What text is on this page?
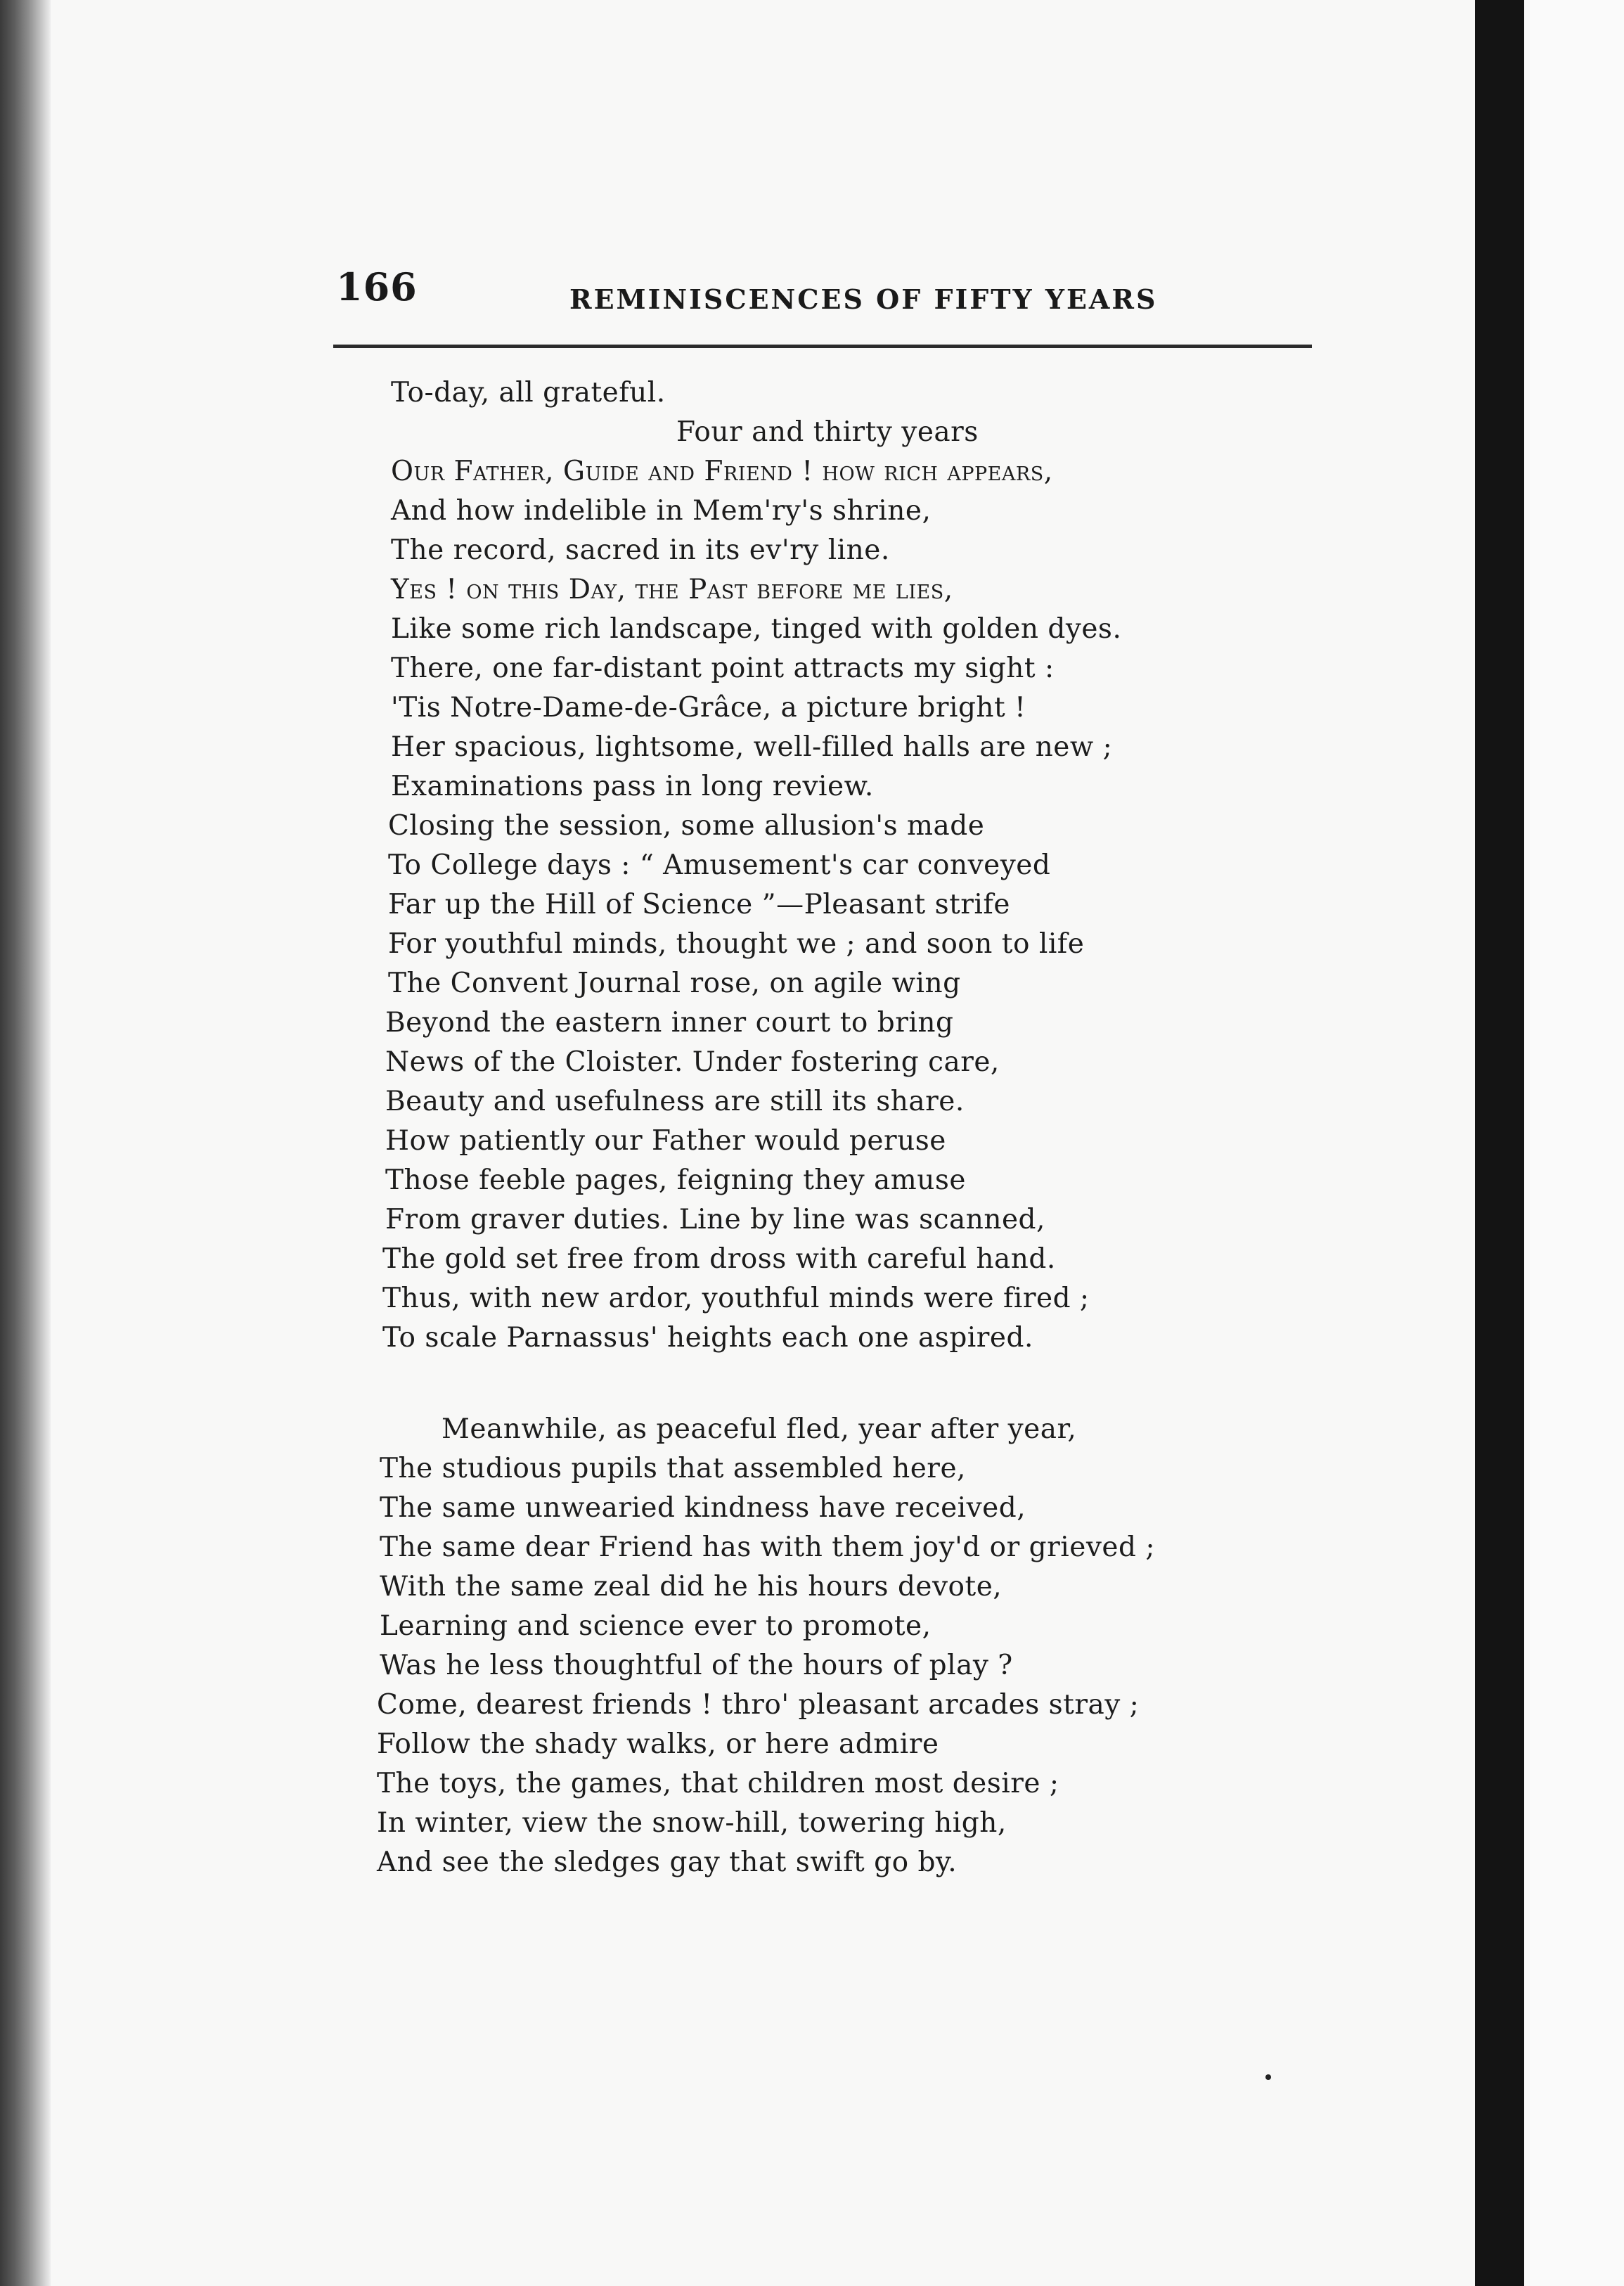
166	REMINISCENCES OF FIFTY YEARS
To-day, all grateful.
Four and thirty years
Our Father, Guide and Friend ! how rich appears,
And how indelible in Mem'ry's shrine,
The record, sacred in its ev'ry line.
Yes ! on this Day, the Past before me lies,
Like some rich landscape, tinged with golden dyes.
There, one far-distant point attracts my sight :
'Tis Notre-Dame-de-Grâce, a picture bright !
Her spacious, lightsome, well-filled halls are new ;
Examinations pass in long review.
Closing the session, some allusion's made
To College days : “ Amusement's car conveyed
Far up the Hill of Science ”—Pleasant strife
For youthful minds, thought we ; and soon to life
The Convent Journal rose, on agile wing
Beyond the eastern inner court to bring
News of the Cloister. Under fostering care,
Beauty and usefulness are still its share.
How patiently our Father would peruse
Those feeble pages, feigning they amuse
From graver duties. Line by line was scanned,
The gold set free from dross with careful hand.
Thus, with new ardor, youthful minds were fired ;
To scale Parnassus' heights each one aspired.
Meanwhile, as peaceful fled, year after year,
The studious pupils that assembled here,
The same unwearied kindness have received,
The same dear Friend has with them joy'd or grieved ;
With the same zeal did he his hours devote,
Learning and science ever to promote,
Was he less thoughtful of the hours of play ?
Come, dearest friends ! thro' pleasant arcades stray ;
Follow the shady walks, or here admire
The toys, the games, that children most desire ;
In winter, view the snow-hill, towering high,
And see the sledges gay that swift go by.
